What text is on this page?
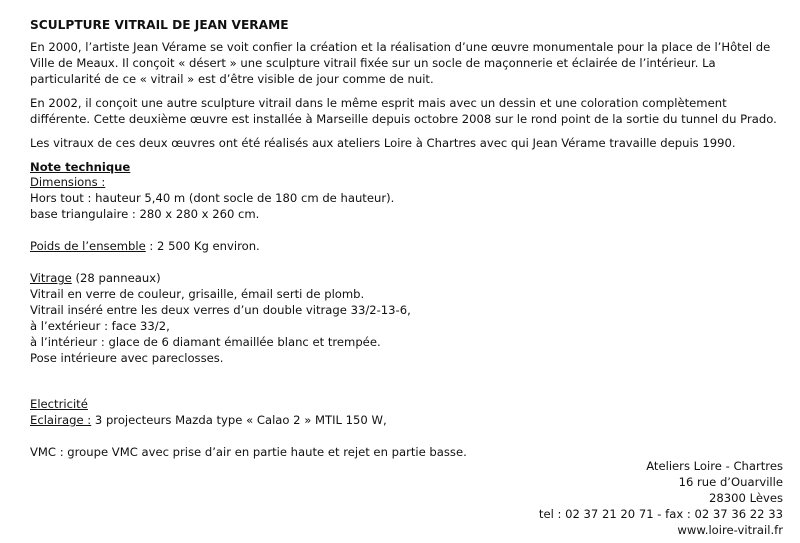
SCULPTURE VITRAIL DE JEAN VERAME

En 2000, l’artiste Jean Vérame se voit confier la création et la réalisation d’une œuvre monumentale pour la place de l’Hôtel de Ville de Meaux. Il conçoit « désert » une sculpture vitrail fixée sur un socle de maçonnerie et éclairée de l’intérieur. La particularité de ce « vitrail » est d’être visible de jour comme de nuit.

En 2002, il conçoit une autre sculpture vitrail dans le même esprit mais avec un dessin et une coloration complètement différente. Cette deuxième œuvre est installée à Marseille depuis octobre 2008 sur le rond point de la sortie du tunnel du Prado.

Les vitraux de ces deux œuvres ont été réalisés aux ateliers Loire à Chartres avec qui Jean Vérame travaille depuis 1990.

Note technique
Dimensions :
Hors tout : hauteur 5,40 m (dont socle de 180 cm de hauteur).
base triangulaire : 280 x 280 x 260 cm.
Poids de l’ensemble : 2 500 Kg environ.
Vitrage (28 panneaux)
Vitrail en verre de couleur, grisaille, émail serti de plomb.
Vitrail inséré entre les deux verres d’un double vitrage 33/2-13-6,
à l’extérieur : face 33/2,
à l’intérieur : glace de 6 diamant émaillée blanc et trempée.
Pose intérieure avec pareclosses.
Electricité
Eclairage : 3 projecteurs Mazda type « Calao 2 » MTIL 150 W,
VMC : groupe VMC avec prise d’air en partie haute et rejet en partie basse.
Ateliers Loire - Chartres
16 rue d’Ouarville
28300 Lèves
tel : 02 37 21 20 71 - fax : 02 37 36 22 33
www.loire-vitrail.fr
